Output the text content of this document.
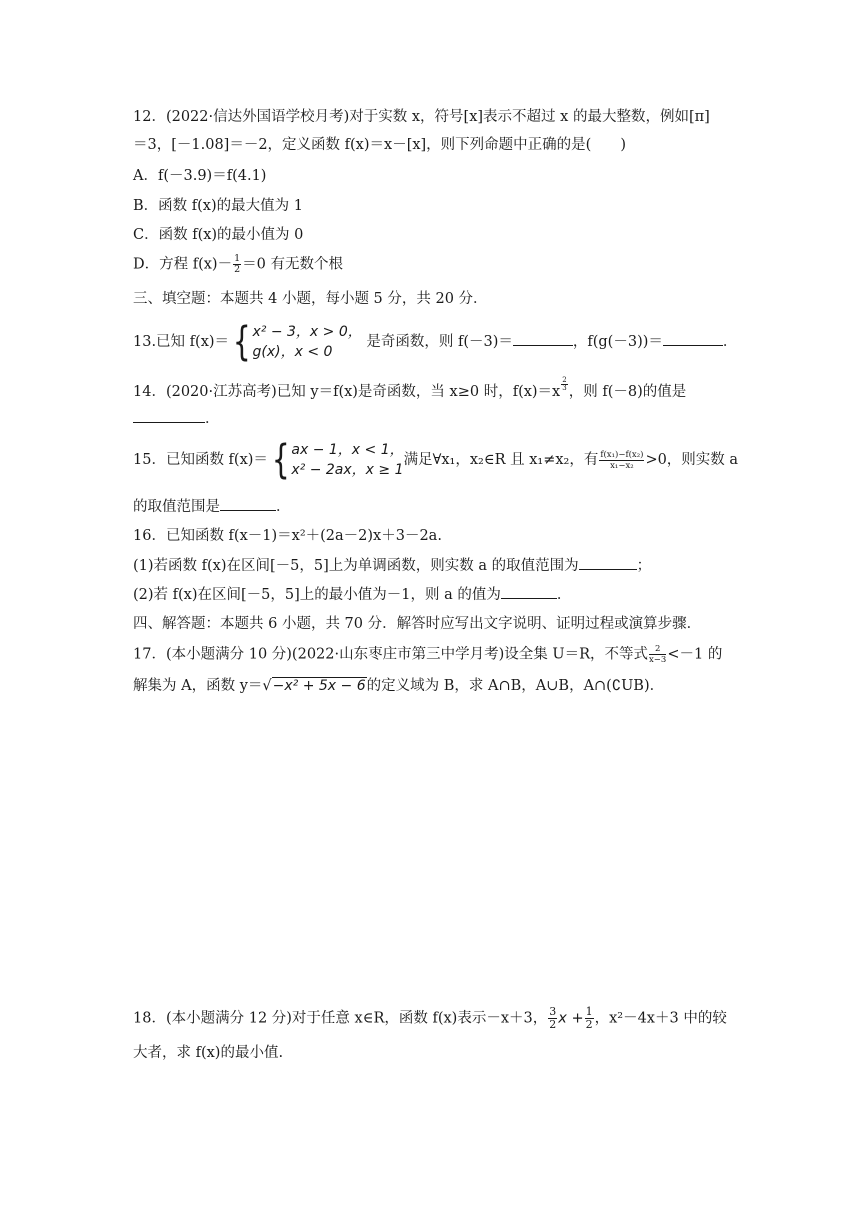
12．(2022·信达外国语学校月考)对于实数 x，符号[x]表示不超过 x 的最大整数，例如[π]
＝3，[－1.08]＝－2，定义函数 f(x)＝x－[x]，则下列命题中正确的是(　　)
A．f(－3.9)＝f(4.1)
B．函数 f(x)的最大值为 1
C．函数 f(x)的最小值为 0
D．方程 $f(x)- \frac{1}{2} =0$ 有无数个根
三、填空题：本题共 4 小题，每小题 5 分，共 20 分．
13.已知 f(x)＝ { x² − 3，x > 0，
g(x)，x < 0
是奇函数，则 f(－3)＝	，f(g(－3))＝	．
14．(2020·江苏高考)已知 y＝f(x)是奇函数，当 x≥0 时，$f(x)=x \frac{2}{3}$ ，则 f(－8)的值是
．
15．已知函数 f(x)＝ { ax − 1，x < 1，
x² − 2ax，x ≥ 1
满足∀x₁，x₂∈R 且 x₁≠x₂，有 $\frac{\text{f(x₁)−f(x₂)}}{\text{x₁−x₂}} >0$，则实数 a
的取值范围是	．
16．已知函数 f(x－1)＝x²＋(2a－2)x＋3－2a.
(1)若函数 f(x)在区间[－5，5]上为单调函数，则实数 a 的取值范围为	；
(2)若 f(x)在区间[－5，5]上的最小值为－1，则 a 的值为	．
四、解答题：本题共 6 小题，共 70 分．解答时应写出文字说明、证明过程或演算步骤．
17．(本小题满分 10 分)(2022·山东枣庄市第三中学月考)设全集 U＝R，不等式 $\frac{2}{x-3} <-1$ 的
解集为 A，函数 y＝√−x² + 5x − 6的定义域为 B，求 A∩B，A∪B，A∩(∁UB)．
18．(本小题满分 12 分)对于任意 x∈R，函数 f(x)表示－x＋3， $\frac{3}{2}$ $x + \frac{1}{2}$ ，x²－4x＋3 中的较
大者，求 f(x)的最小值.
